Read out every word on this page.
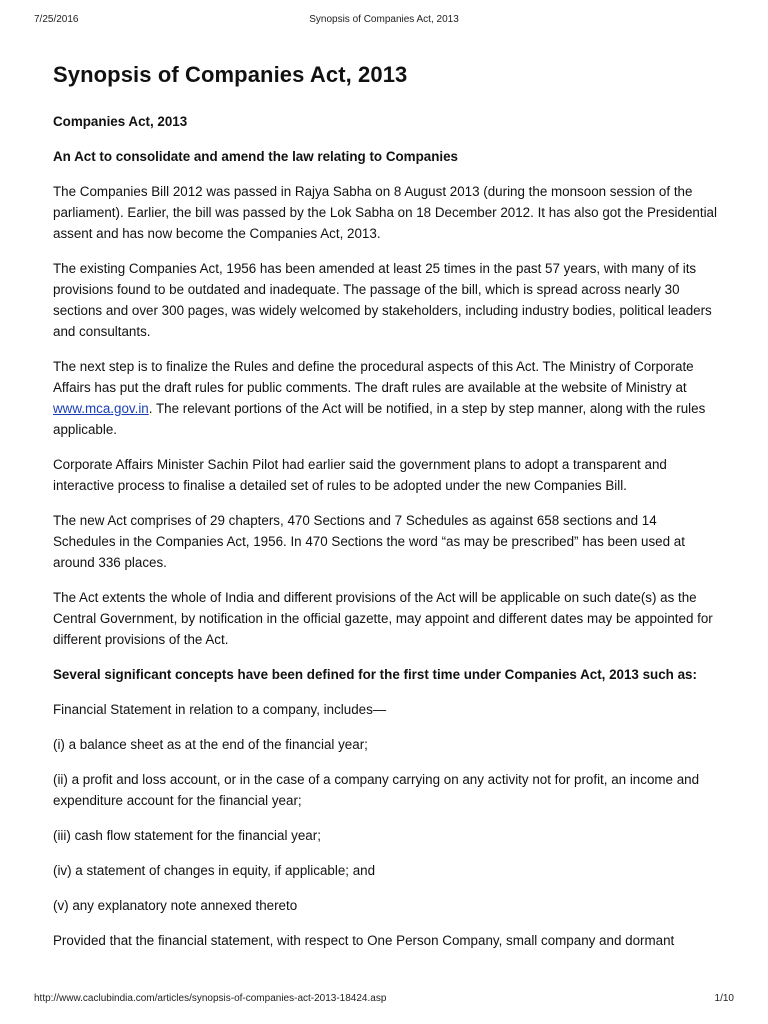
7/25/2016	Synopsis of Companies Act, 2013
Synopsis of Companies Act, 2013
Companies Act, 2013
An Act to consolidate and amend the law relating to Companies

The Companies Bill 2012 was passed in Rajya Sabha on 8 August 2013 (during the monsoon session of the parliament). Earlier, the bill was passed by the Lok Sabha on 18 December 2012. It has also got the Presidential assent and has now become the Companies Act, 2013.

The existing Companies Act, 1956 has been amended at least 25 times in the past 57 years, with many of its provisions found to be outdated and inadequate. The passage of the bill, which is spread across nearly 30 sections and over 300 pages, was widely welcomed by stakeholders, including industry bodies, political leaders and consultants.

The next step is to finalize the Rules and define the procedural aspects of this Act. The Ministry of Corporate Affairs has put the draft rules for public comments. The draft rules are available at the website of Ministry at www.mca.gov.in. The relevant portions of the Act will be notified, in a step by step manner, along with the rules applicable.

Corporate Affairs Minister Sachin Pilot had earlier said the government plans to adopt a transparent and interactive process to finalise a detailed set of rules to be adopted under the new Companies Bill.

The new Act comprises of 29 chapters, 470 Sections and 7 Schedules as against 658 sections and 14 Schedules in the Companies Act, 1956. In 470 Sections the word “as may be prescribed” has been used at around 336 places.

The Act extents the whole of India and different provisions of the Act will be applicable on such date(s) as the Central Government, by notification in the official gazette, may appoint and different dates may be appointed for different provisions of the Act.

Several significant concepts have been defined for the first time under Companies Act, 2013 such as:

Financial Statement in relation to a company, includes—

(i) a balance sheet as at the end of the financial year;

(ii) a profit and loss account, or in the case of a company carrying on any activity not for profit, an income and expenditure account for the financial year;

(iii) cash flow statement for the financial year;

(iv) a statement of changes in equity, if applicable; and

(v) any explanatory note annexed thereto

Provided that the financial statement, with respect to One Person Company, small company and dormant

http://www.caclubindia.com/articles/synopsis-of-companies-act-2013-18424.asp	1/10
